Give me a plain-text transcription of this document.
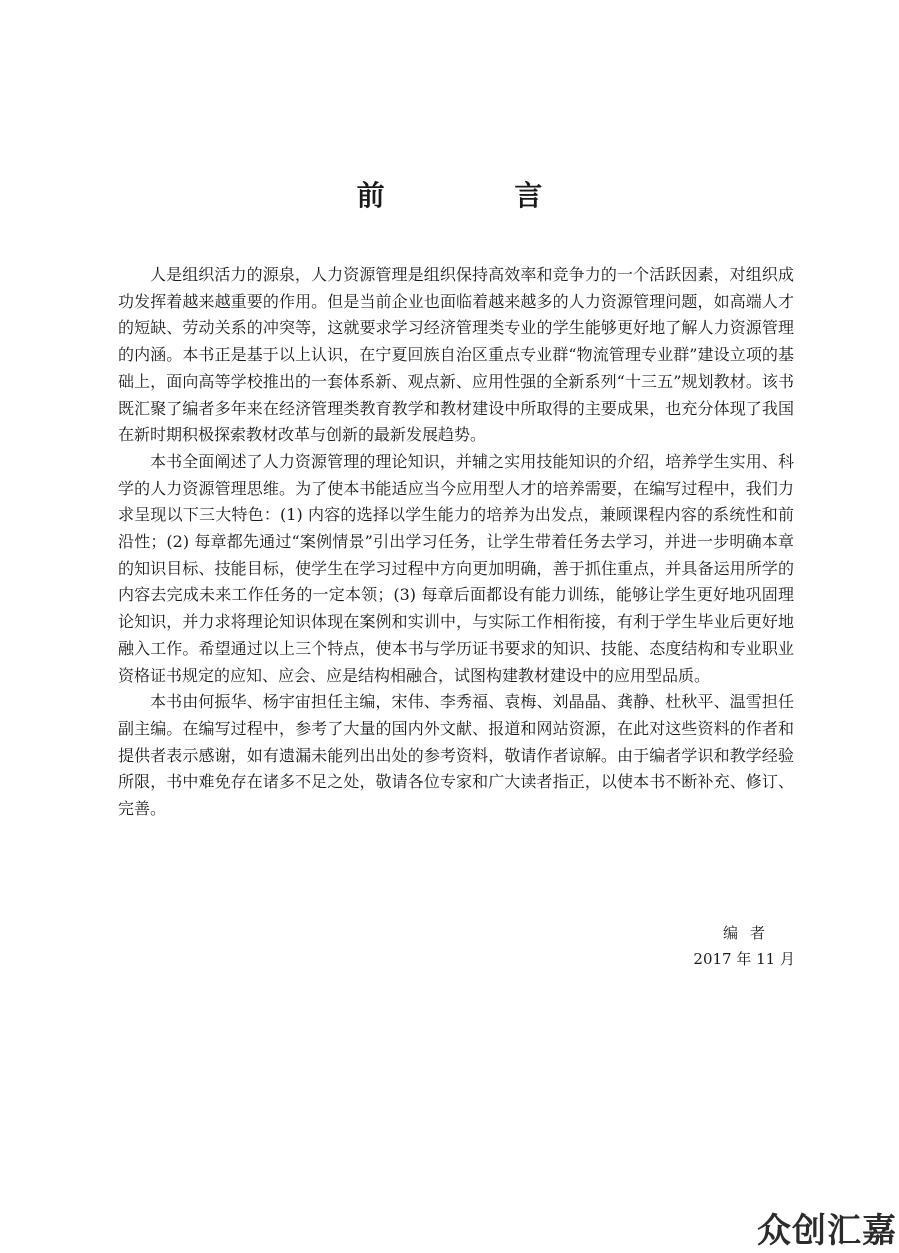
前 言

人是组织活力的源泉，人力资源管理是组织保持高效率和竞争力的一个活跃因素，对组织成功发挥着越来越重要的作用。但是当前企业也面临着越来越多的人力资源管理问题，如高端人才的短缺、劳动关系的冲突等，这就要求学习经济管理类专业的学生能够更好地了解人力资源管理的内涵。本书正是基于以上认识，在宁夏回族自治区重点专业群“物流管理专业群”建设立项的基础上，面向高等学校推出的一套体系新、观点新、应用性强的全新系列“十三五”规划教材。该书既汇聚了编者多年来在经济管理类教育教学和教材建设中所取得的主要成果，也充分体现了我国在新时期积极探索教材改革与创新的最新发展趋势。

本书全面阐述了人力资源管理的理论知识，并辅之实用技能知识的介绍，培养学生实用、科学的人力资源管理思维。为了使本书能适应当今应用型人才的培养需要，在编写过程中，我们力求呈现以下三大特色：(1) 内容的选择以学生能力的培养为出发点，兼顾课程内容的系统性和前沿性；(2) 每章都先通过“案例情景”引出学习任务，让学生带着任务去学习，并进一步明确本章的知识目标、技能目标，使学生在学习过程中方向更加明确，善于抓住重点，并具备运用所学的内容去完成未来工作任务的一定本领；(3) 每章后面都设有能力训练，能够让学生更好地巩固理论知识，并力求将理论知识体现在案例和实训中，与实际工作相衔接，有利于学生毕业后更好地融入工作。希望通过以上三个特点，使本书与学历证书要求的知识、技能、态度结构和专业职业资格证书规定的应知、应会、应是结构相融合，试图构建教材建设中的应用型品质。

本书由何振华、杨宇宙担任主编，宋伟、李秀福、袁梅、刘晶晶、龚静、杜秋平、温雪担任副主编。在编写过程中，参考了大量的国内外文献、报道和网站资源，在此对这些资料的作者和提供者表示感谢，如有遗漏未能列出出处的参考资料，敬请作者谅解。由于编者学识和教学经验所限，书中难免存在诸多不足之处，敬请各位专家和广大读者指正，以使本书不断补充、修订、完善。

编者
2017 年 11 月
众创汇嘉
